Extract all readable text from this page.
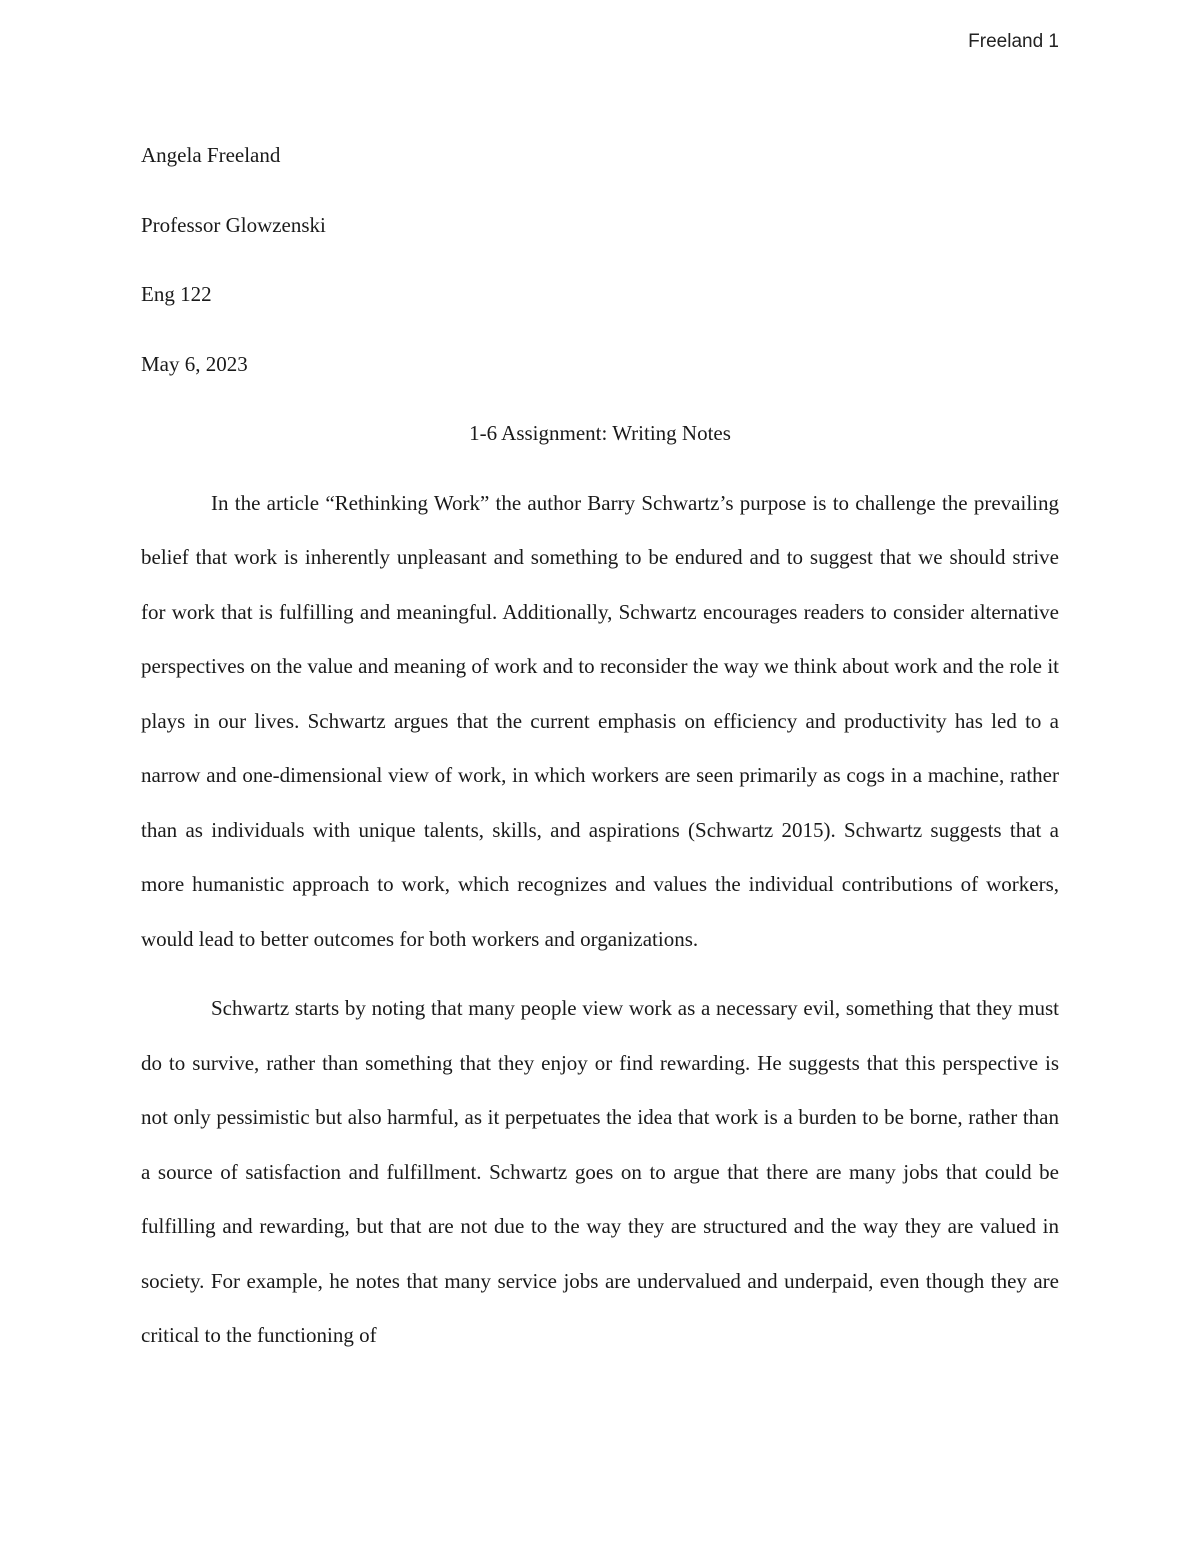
Freeland 1

Angela Freeland

Professor Glowzenski

Eng 122

May 6, 2023

1-6 Assignment: Writing Notes

In the article “Rethinking Work” the author Barry Schwartz’s purpose is to challenge the prevailing belief that work is inherently unpleasant and something to be endured and to suggest that we should strive for work that is fulfilling and meaningful. Additionally, Schwartz encourages readers to consider alternative perspectives on the value and meaning of work and to reconsider the way we think about work and the role it plays in our lives. Schwartz argues that the current emphasis on efficiency and productivity has led to a narrow and one-dimensional view of work, in which workers are seen primarily as cogs in a machine, rather than as individuals with unique talents, skills, and aspirations (Schwartz 2015). Schwartz suggests that a more humanistic approach to work, which recognizes and values the individual contributions of workers, would lead to better outcomes for both workers and organizations.

Schwartz starts by noting that many people view work as a necessary evil, something that they must do to survive, rather than something that they enjoy or find rewarding. He suggests that this perspective is not only pessimistic but also harmful, as it perpetuates the idea that work is a burden to be borne, rather than a source of satisfaction and fulfillment. Schwartz goes on to argue that there are many jobs that could be fulfilling and rewarding, but that are not due to the way they are structured and the way they are valued in society. For example, he notes that many service jobs are undervalued and underpaid, even though they are critical to the functioning of
